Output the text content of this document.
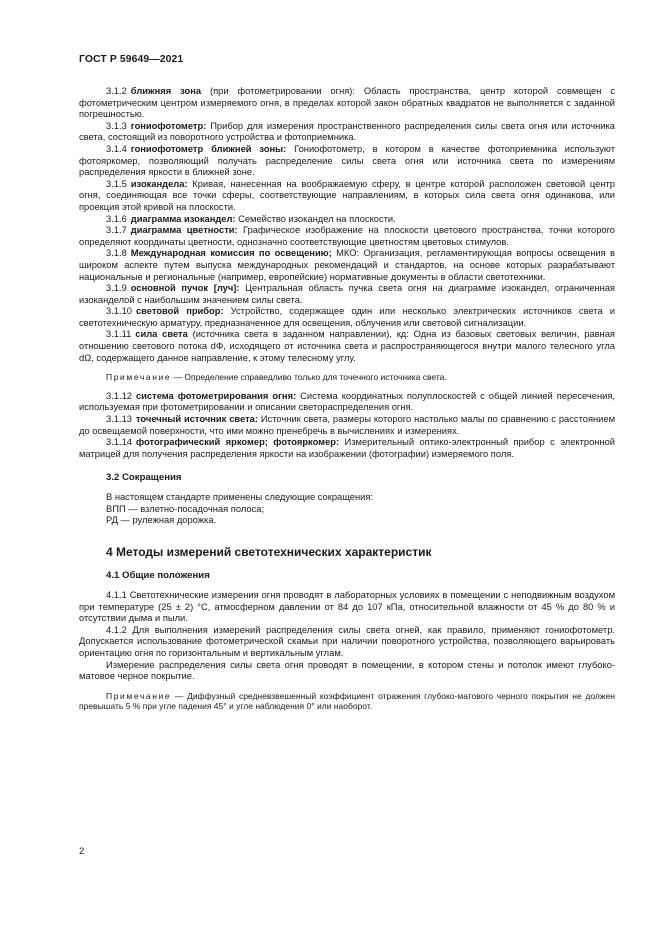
ГОСТ Р 59649—2021

3.1.2 ближняя зона (при фотометрировании огня): Область пространства, центр которой совмещен с фотометрическим центром измеряемого огня, в пределах которой закон обратных квадратов не выполняется с заданной погрешностью.

3.1.3 гониофотометр: Прибор для измерения пространственного распределения силы света огня или источника света, состоящий из поворотного устройства и фотоприемника.

3.1.4 гониофотометр ближней зоны: Гониофотометр, в котором в качестве фотоприемника используют фотояркомер, позволяющий получать распределение силы света огня или источника света по измерениям распределения яркости в ближней зоне.

3.1.5 изокандела: Кривая, нанесенная на воображаемую сферу, в центре которой расположен световой центр огня, соединяющая все точки сферы, соответствующие направлениям, в которых сила света огня одинакова, или проекция этой кривой на плоскости.

3.1.6 диаграмма изокандел: Семейство изокандел на плоскости.

3.1.7 диаграмма цветности: Графическое изображение на плоскости цветового пространства, точки которого определяют координаты цветности, однозначно соответствующие цветностям цветовых стимулов.

3.1.8 Международная комиссия по освещению; МКО: Организация, регламентирующая вопросы освещения в широком аспекте путем выпуска международных рекомендаций и стандартов, на основе которых разрабатывают национальные и региональные (например, европейские) нормативные документы в области светотехники.

3.1.9 основной пучок [луч]: Центральная область пучка света огня на диаграмме изокандел, ограниченная изоканделой с наибольшим значением силы света.

3.1.10 световой прибор: Устройство, содержащее один или несколько электрических источников света и светотехническую арматуру, предназначенное для освещения, облучения или световой сигнализации.

3.1.11 сила света (источника света в заданном направлении), кд: Одна из базовых световых величин, равная отношению светового потока dΦ, исходящего от источника света и распространяющегося внутри малого телесного угла dΩ, содержащего данное направление, к этому телесному углу.

Примечание — Определение справедливо только для точечного источника света.

3.1.12 система фотометрирования огня: Система координатных полуплоскостей с общей линией пересечения, используемая при фотометрировании и описании светораспределения огня.

3.1.13 точечный источник света: Источник света, размеры которого настолько малы по сравнению с расстоянием до освещаемой поверхности, что ими можно пренебречь в вычислениях и измерениях.

3.1.14 фотографический яркомер; фотояркомер: Измерительный оптико-электронный прибор с электронной матрицей для получения распределения яркости на изображении (фотографии) измеряемого поля.

3.2 Сокращения

В настоящем стандарте применены следующие сокращения:

ВПП — взлетно-посадочная полоса;

РД — рулежная дорожка.

4 Методы измерений светотехнических характеристик

4.1 Общие положения

4.1.1 Светотехнические измерения огня проводят в лабораторных условиях в помещении с неподвижным воздухом при температуре (25 ± 2) °С, атмосферном давлении от 84 до 107 кПа, относительной влажности от 45 % до 80 % и отсутствии дыма и пыли.

4.1.2 Для выполнения измерений распределения силы света огней, как правило, применяют гониофотометр. Допускается использование фотометрической скамьи при наличии поворотного устройства, позволяющего варьировать ориентацию огня по горизонтальным и вертикальным углам.

Измерение распределения силы света огня проводят в помещении, в котором стены и потолок имеют глубоко-матовое черное покрытие.

Примечание — Диффузный средневзвешенный коэффициент отражения глубоко-матового черного покрытия не должен превышать 5 % при угле падения 45° и угле наблюдения 0° или наоборот.

2
